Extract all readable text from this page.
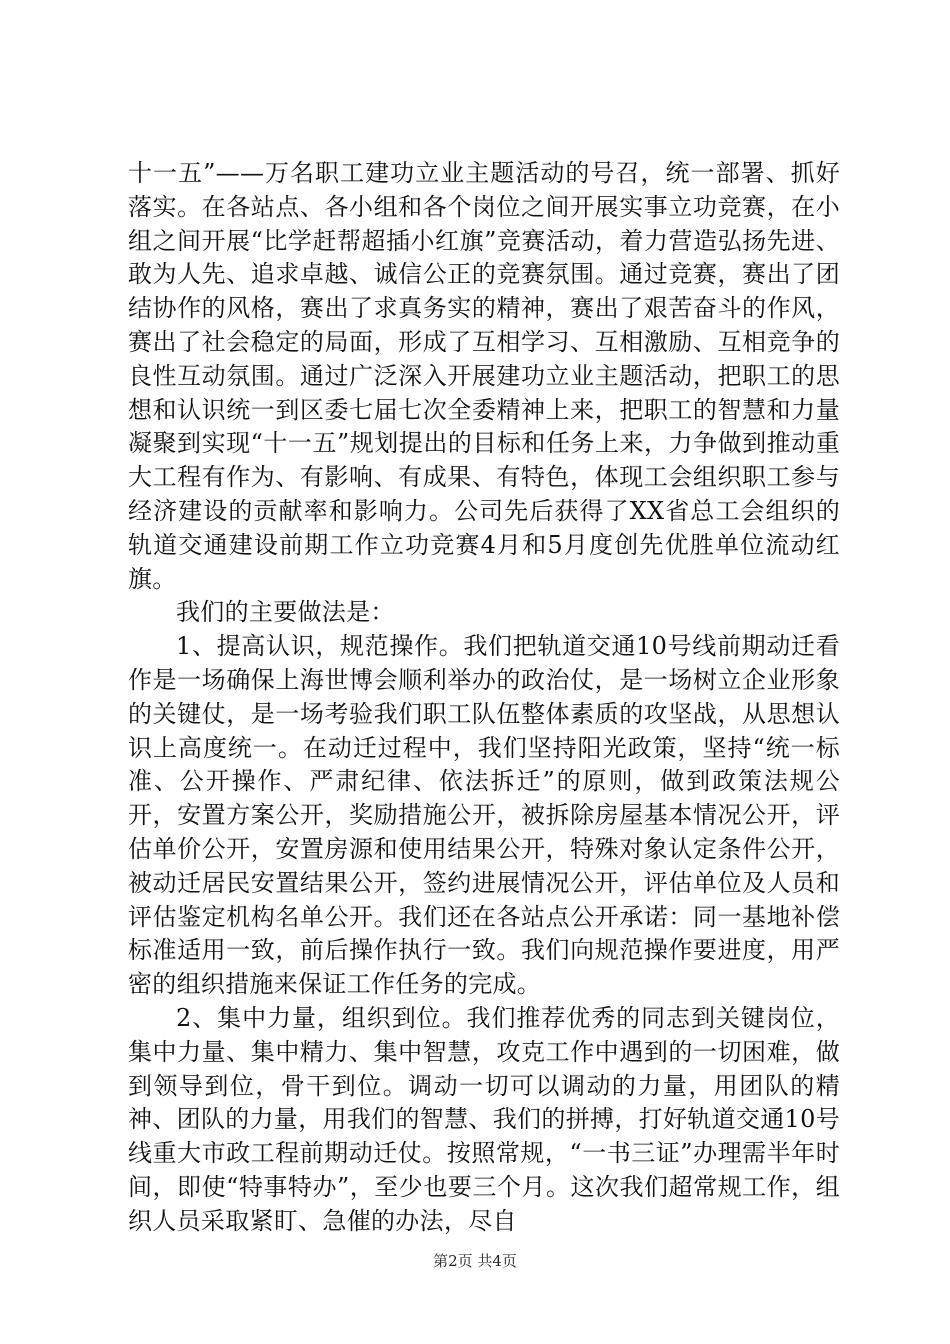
十一五”——万名职工建功立业主题活动的号召，统一部署、抓好落实。在各站点、各小组和各个岗位之间开展实事立功竞赛，在小组之间开展“比学赶帮超插小红旗”竞赛活动，着力营造弘扬先进、敢为人先、追求卓越、诚信公正的竞赛氛围。通过竞赛，赛出了团结协作的风格，赛出了求真务实的精神，赛出了艰苦奋斗的作风，赛出了社会稳定的局面，形成了互相学习、互相激励、互相竞争的良性互动氛围。通过广泛深入开展建功立业主题活动，把职工的思想和认识统一到区委七届七次全委精神上来，把职工的智慧和力量凝聚到实现“十一五”规划提出的目标和任务上来，力争做到推动重大工程有作为、有影响、有成果、有特色，体现工会组织职工参与经济建设的贡献率和影响力。公司先后获得了XX省总工会组织的轨道交通建设前期工作立功竞赛4月和5月度创先优胜单位流动红旗。

我们的主要做法是：

1、提高认识，规范操作。我们把轨道交通10号线前期动迁看作是一场确保上海世博会顺利举办的政治仗，是一场树立企业形象的关键仗，是一场考验我们职工队伍整体素质的攻坚战，从思想认识上高度统一。在动迁过程中，我们坚持阳光政策，坚持“统一标准、公开操作、严肃纪律、依法拆迁”的原则，做到政策法规公开，安置方案公开，奖励措施公开，被拆除房屋基本情况公开，评估单价公开，安置房源和使用结果公开，特殊对象认定条件公开，被动迁居民安置结果公开，签约进展情况公开，评估单位及人员和评估鉴定机构名单公开。我们还在各站点公开承诺：同一基地补偿标准适用一致，前后操作执行一致。我们向规范操作要进度，用严密的组织措施来保证工作任务的完成。

2、集中力量，组织到位。我们推荐优秀的同志到关键岗位，集中力量、集中精力、集中智慧，攻克工作中遇到的一切困难，做到领导到位，骨干到位。调动一切可以调动的力量，用团队的精神、团队的力量，用我们的智慧、我们的拼搏，打好轨道交通10号线重大市政工程前期动迁仗。按照常规，“一书三证”办理需半年时间，即使“特事特办”，至少也要三个月。这次我们超常规工作，组织人员采取紧盯、急催的办法，尽自

第2页 共4页
